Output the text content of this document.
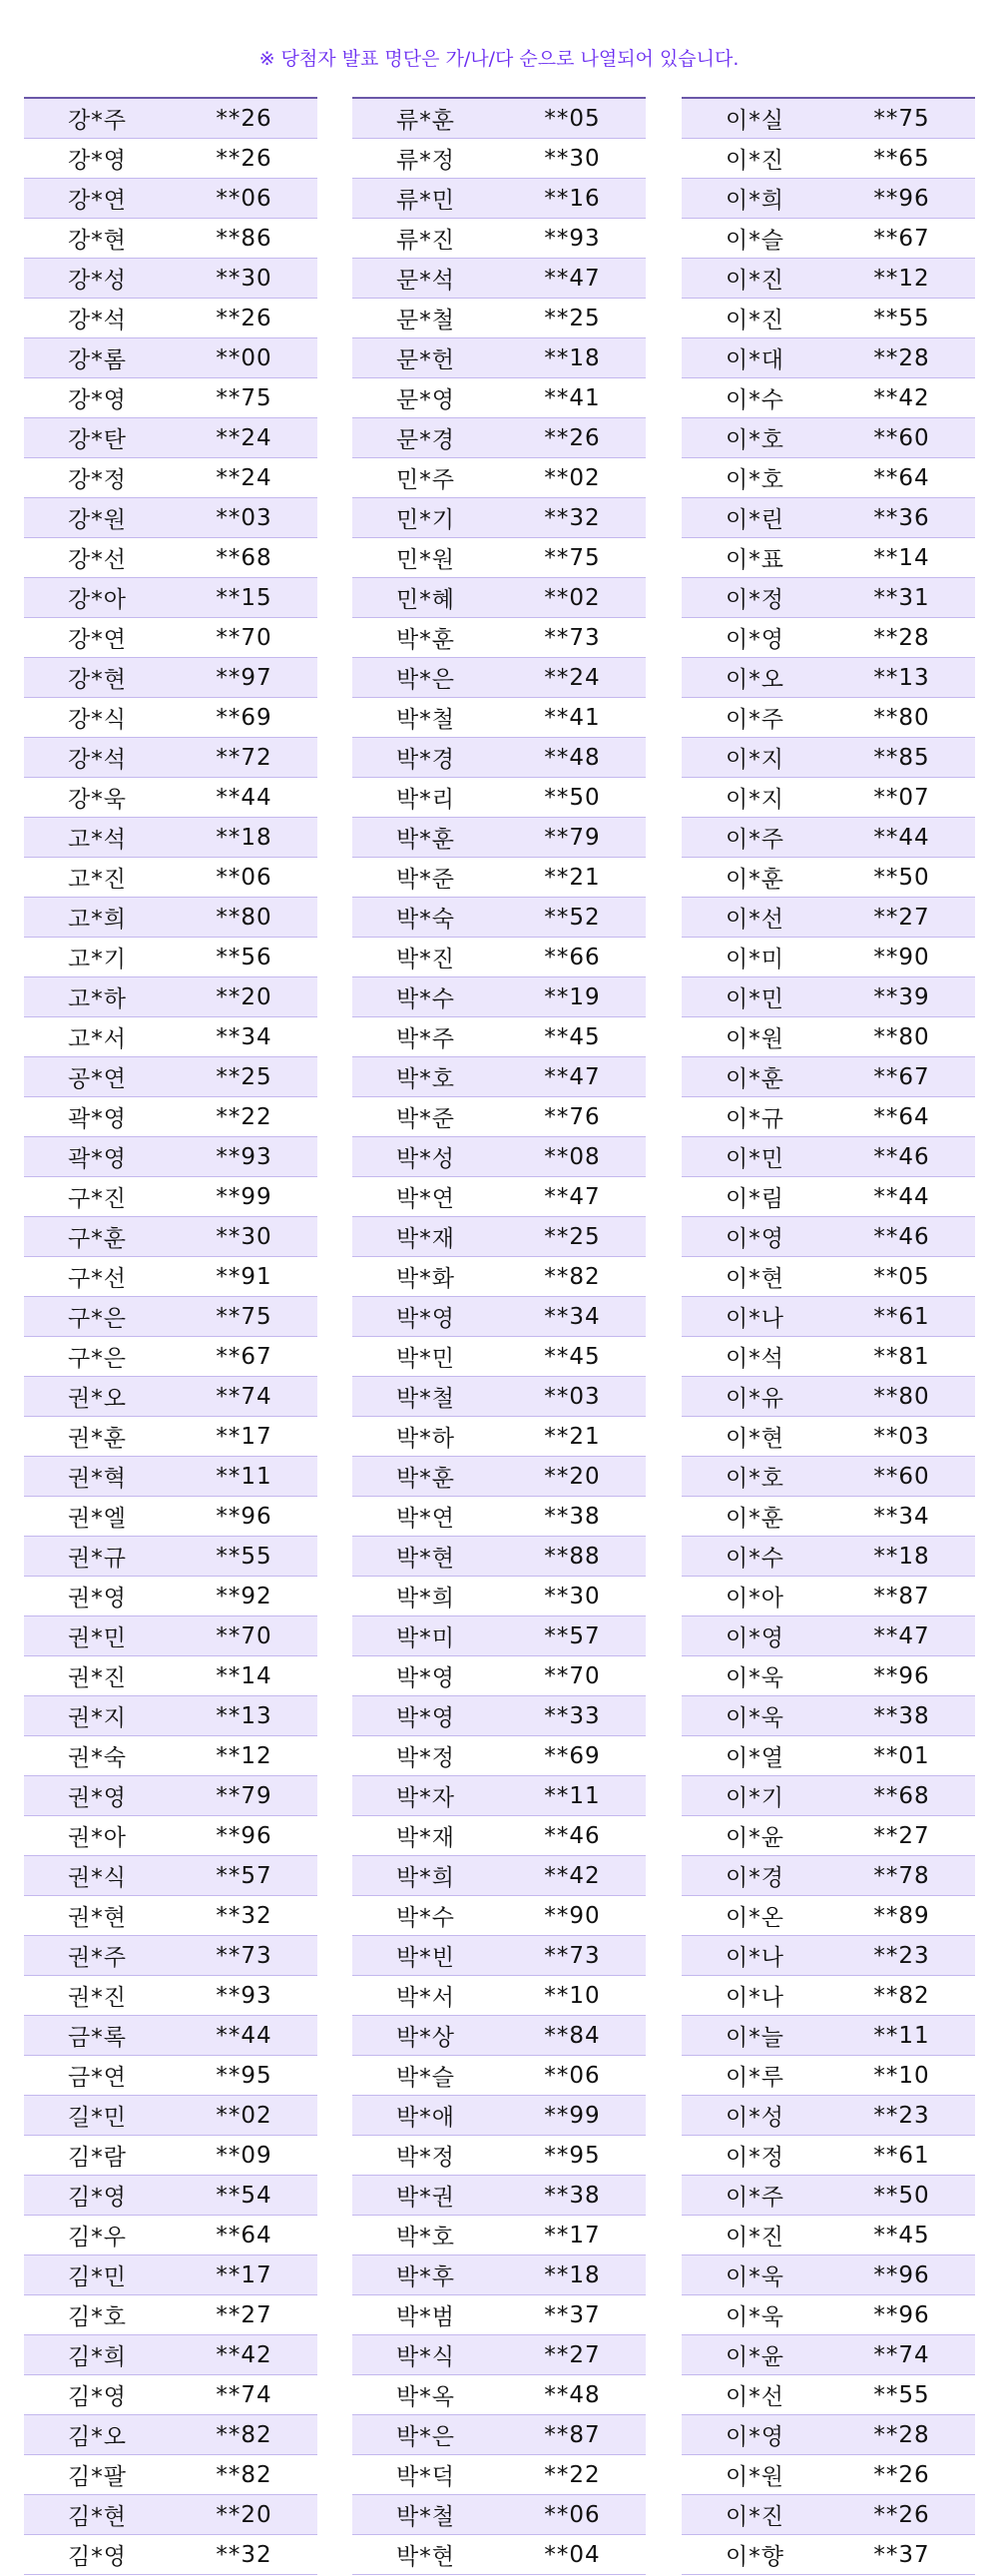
※ 당첨자 발표 명단은 가/나/다 순으로 나열되어 있습니다.
강*주	**26
강*영	**26
강*연	**06
강*현	**86
강*성	**30
강*석	**26
강*롬	**00
강*영	**75
강*탄	**24
강*정	**24
강*원	**03
강*선	**68
강*아	**15
강*연	**70
강*현	**97
강*식	**69
강*석	**72
강*욱	**44
고*석	**18
고*진	**06
고*희	**80
고*기	**56
고*하	**20
고*서	**34
공*연	**25
곽*영	**22
곽*영	**93
구*진	**99
구*훈	**30
구*선	**91
구*은	**75
구*은	**67
권*오	**74
권*훈	**17
권*혁	**11
권*엘	**96
권*규	**55
권*영	**92
권*민	**70
권*진	**14
권*지	**13
권*숙	**12
권*영	**79
권*아	**96
권*식	**57
권*현	**32
권*주	**73
권*진	**93
금*록	**44
금*연	**95
길*민	**02
김*람	**09
김*영	**54
김*우	**64
김*민	**17
김*호	**27
김*희	**42
김*영	**74
김*오	**82
김*팔	**82
김*현	**20
김*영	**32
류*훈	**05
류*정	**30
류*민	**16
류*진	**93
문*석	**47
문*철	**25
문*헌	**18
문*영	**41
문*경	**26
민*주	**02
민*기	**32
민*원	**75
민*혜	**02
박*훈	**73
박*은	**24
박*철	**41
박*경	**48
박*리	**50
박*훈	**79
박*준	**21
박*숙	**52
박*진	**66
박*수	**19
박*주	**45
박*호	**47
박*준	**76
박*성	**08
박*연	**47
박*재	**25
박*화	**82
박*영	**34
박*민	**45
박*철	**03
박*하	**21
박*훈	**20
박*연	**38
박*현	**88
박*희	**30
박*미	**57
박*영	**70
박*영	**33
박*정	**69
박*자	**11
박*재	**46
박*희	**42
박*수	**90
박*빈	**73
박*서	**10
박*상	**84
박*슬	**06
박*애	**99
박*정	**95
박*권	**38
박*호	**17
박*후	**18
박*범	**37
박*식	**27
박*옥	**48
박*은	**87
박*덕	**22
박*철	**06
박*현	**04
이*실	**75
이*진	**65
이*희	**96
이*슬	**67
이*진	**12
이*진	**55
이*대	**28
이*수	**42
이*호	**60
이*호	**64
이*린	**36
이*표	**14
이*정	**31
이*영	**28
이*오	**13
이*주	**80
이*지	**85
이*지	**07
이*주	**44
이*훈	**50
이*선	**27
이*미	**90
이*민	**39
이*원	**80
이*훈	**67
이*규	**64
이*민	**46
이*림	**44
이*영	**46
이*현	**05
이*나	**61
이*석	**81
이*유	**80
이*현	**03
이*호	**60
이*훈	**34
이*수	**18
이*아	**87
이*영	**47
이*욱	**96
이*욱	**38
이*열	**01
이*기	**68
이*윤	**27
이*경	**78
이*온	**89
이*나	**23
이*나	**82
이*늘	**11
이*루	**10
이*성	**23
이*정	**61
이*주	**50
이*진	**45
이*욱	**96
이*욱	**96
이*윤	**74
이*선	**55
이*영	**28
이*원	**26
이*진	**26
이*향	**37
